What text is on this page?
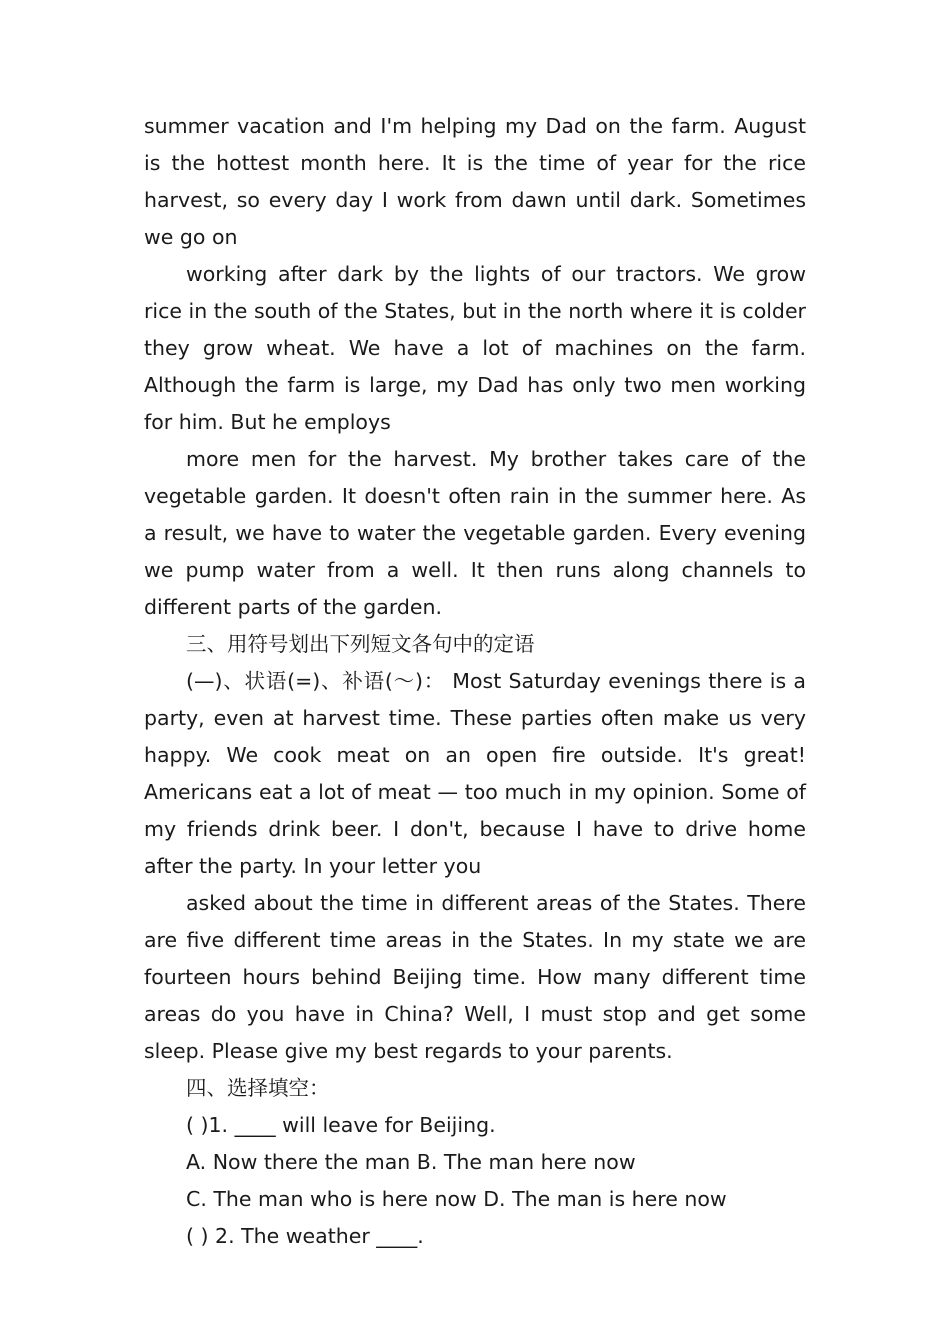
summer vacation and I'm helping my Dad on the farm. August is the hottest month here. It is the time of year for the rice harvest, so every day I work from dawn until dark. Sometimes we go on

working after dark by the lights of our tractors. We grow rice in the south of the States, but in the north where it is colder they grow wheat. We have a lot of machines on the farm. Although the farm is large, my Dad has only two men working for him. But he employs

more men for the harvest. My brother takes care of the vegetable garden. It doesn't often rain in the summer here. As a result, we have to water the vegetable garden. Every evening we pump water from a well. It then runs along channels to different parts of the garden.

三、用符号划出下列短文各句中的定语

(—)、状语(=)、补语(～)： Most Saturday evenings there is a party, even at harvest time. These parties often make us very happy. We cook meat on an open fire outside. It's great! Americans eat a lot of meat — too much in my opinion. Some of my friends drink beer. I don't, because I have to drive home after the party. In your letter you

asked about the time in different areas of the States. There are five different time areas in the States. In my state we are fourteen hours behind Beijing time. How many different time areas do you have in China? Well, I must stop and get some sleep. Please give my best regards to your parents.

四、选择填空：

( )1. ____ will leave for Beijing.

A. Now there the man B. The man here now

C. The man who is here now D. The man is here now

( ) 2. The weather ____.
